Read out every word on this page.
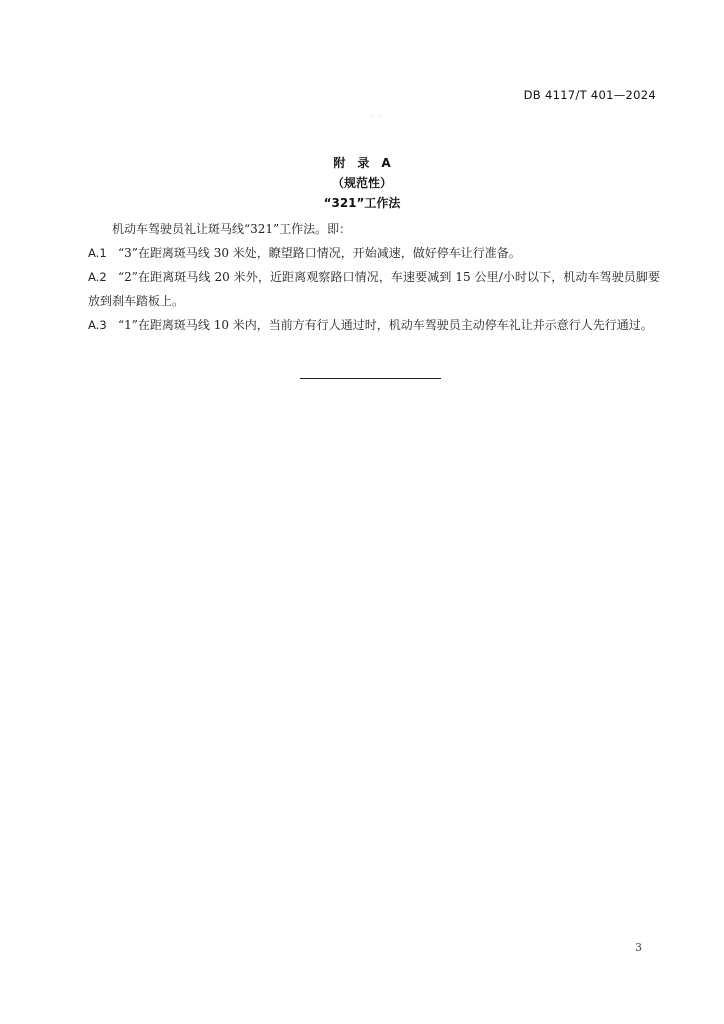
DB 4117/T 401—2024
· ·
附　录　A
（规范性）
“321”工作法

机动车驾驶员礼让斑马线“321”工作法。即：

A.1 “3”在距离斑马线 30 米处，瞭望路口情况，开始减速，做好停车让行准备。

A.2 “2”在距离斑马线 20 米外，近距离观察路口情况，车速要减到 15 公里/小时以下，机动车驾驶员脚要放到刹车踏板上。

A.3 “1”在距离斑马线 10 米内，当前方有行人通过时，机动车驾驶员主动停车礼让并示意行人先行通过。

3
